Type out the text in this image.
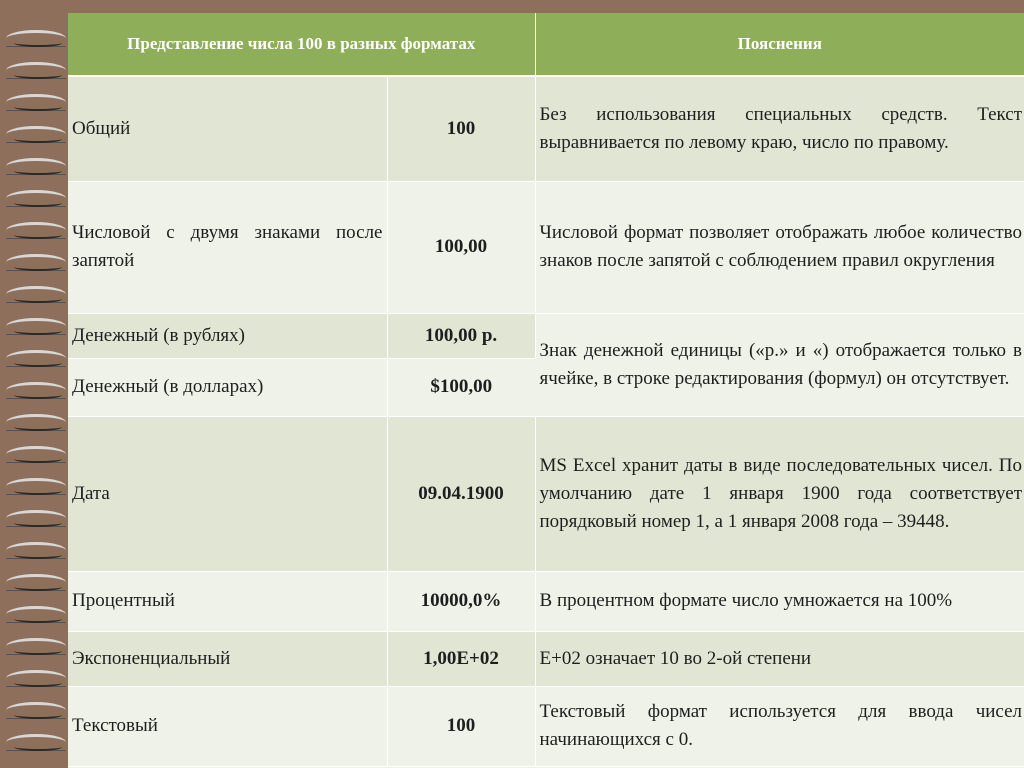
Представление числа 100 в разных форматах		Пояснения
Общий	100	Без использования специальных средств. Текст выравнивается по левому краю, число по правому.
Числовой с двумя знаками после запятой	100,00	Числовой формат позволяет отображать любое количество знаков после запятой с соблюдением правил округления
Денежный (в рублях)	100,00 р.	Знак денежной единицы («р.» и «) отображается только в ячейке, в строке редактирования (формул) он отсутствует.
Денежный (в долларах)	$100,00	
Дата	09.04.1900	MS Excel хранит даты в виде последовательных чисел. По умолчанию дате 1 января 1900 года соответствует порядковый номер 1, а 1 января 2008 года – 39448.
Процентный	10000,0%	В процентном формате число умножается на 100%
Экспоненциальный	1,00E+02	E+02 означает 10 во 2-ой степени
Текстовый	100	Текстовый формат используется для ввода чисел начинающихся с 0.
